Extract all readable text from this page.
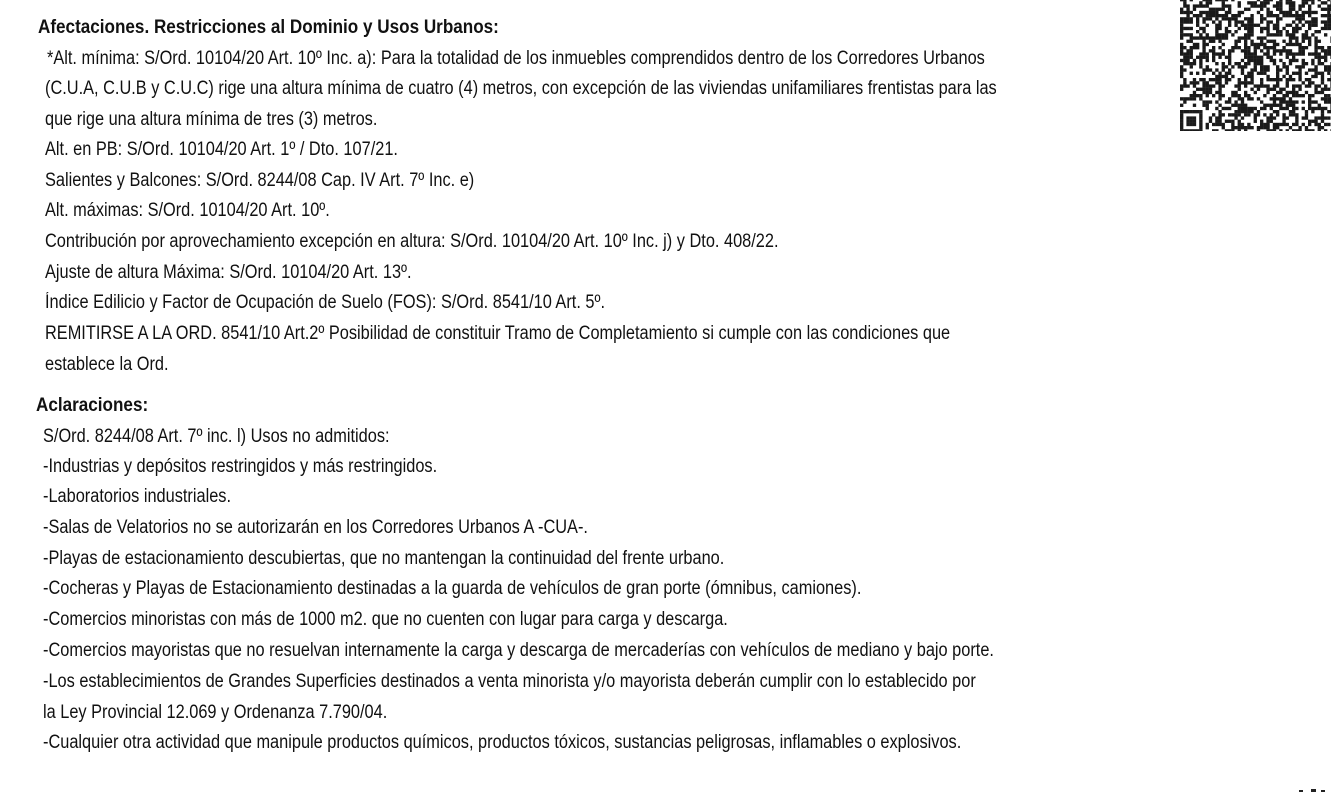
Afectaciones. Restricciones al Dominio y Usos Urbanos:
*Alt. mínima: S/Ord. 10104/20 Art. 10º Inc. a): Para la totalidad de los inmuebles comprendidos dentro de los Corredores Urbanos
(C.U.A, C.U.B y C.U.C) rige una altura mínima de cuatro (4) metros, con excepción de las viviendas unifamiliares frentistas para las
que rige una altura mínima de tres (3) metros.
Alt. en PB: S/Ord. 10104/20 Art. 1º / Dto. 107/21.
Salientes y Balcones: S/Ord. 8244/08 Cap. IV Art. 7º Inc. e)
Alt. máximas: S/Ord. 10104/20 Art. 10º.
Contribución por aprovechamiento excepción en altura: S/Ord. 10104/20 Art. 10º Inc. j) y Dto. 408/22.
Ajuste de altura Máxima: S/Ord. 10104/20 Art. 13º.
Índice Edilicio y Factor de Ocupación de Suelo (FOS): S/Ord. 8541/10 Art. 5º.
REMITIRSE A LA ORD. 8541/10 Art.2º Posibilidad de constituir Tramo de Completamiento si cumple con las condiciones que
establece la Ord.
Aclaraciones:
S/Ord. 8244/08 Art. 7º inc. l) Usos no admitidos:
-Industrias y depósitos restringidos y más restringidos.
-Laboratorios industriales.
-Salas de Velatorios no se autorizarán en los Corredores Urbanos A -CUA-.
-Playas de estacionamiento descubiertas, que no mantengan la continuidad del frente urbano.
-Cocheras y Playas de Estacionamiento destinadas a la guarda de vehículos de gran porte (ómnibus, camiones).
-Comercios minoristas con más de 1000 m2. que no cuenten con lugar para carga y descarga.
-Comercios mayoristas que no resuelvan internamente la carga y descarga de mercaderías con vehículos de mediano y bajo porte.
-Los establecimientos de Grandes Superficies destinados a venta minorista y/o mayorista deberán cumplir con lo establecido por
la Ley Provincial 12.069 y Ordenanza 7.790/04.
-Cualquier otra actividad que manipule productos químicos, productos tóxicos, sustancias peligrosas, inflamables o explosivos.
